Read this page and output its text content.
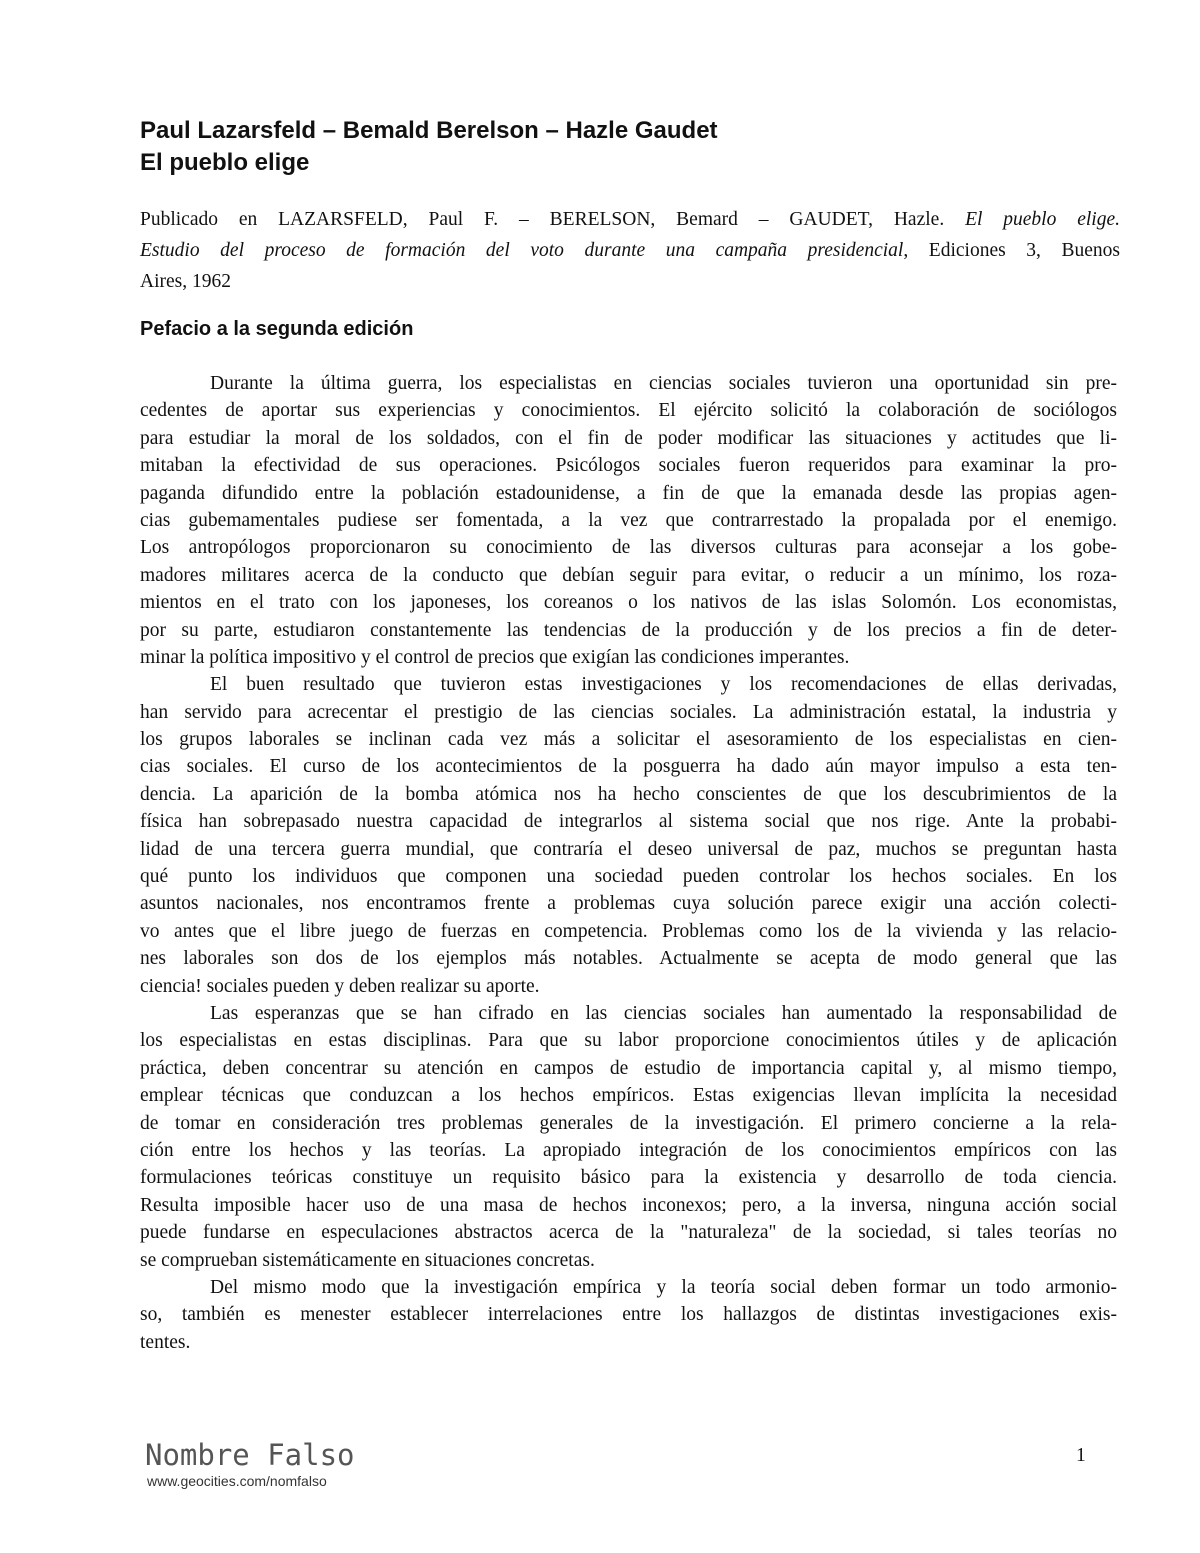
Paul Lazarsfeld – Bemald Berelson – Hazle Gaudet
El pueblo elige

Publicado en LAZARSFELD, Paul F. – BERELSON, Bemard – GAUDET, Hazle. El pueblo elige.
Estudio del proceso de formación del voto durante una campaña presidencial, Ediciones 3, Buenos
Aires, 1962

Pefacio a la segunda edición
Durante la última guerra, los especialistas en ciencias sociales tuvieron una oportunidad sin pre-
cedentes de aportar sus experiencias y conocimientos. El ejército solicitó la colaboración de sociólogos
para estudiar la moral de los soldados, con el fin de poder modificar las situaciones y actitudes que li-
mitaban la efectividad de sus operaciones. Psicólogos sociales fueron requeridos para examinar la pro-
paganda difundido entre la población estadounidense, a fin de que la emanada desde las propias agen-
cias gubemamentales pudiese ser fomentada, a la vez que contrarrestado la propalada por el enemigo.
Los antropólogos proporcionaron su conocimiento de las diversos culturas para aconsejar a los gobe-
madores militares acerca de la conducto que debían seguir para evitar, o reducir a un mínimo, los roza-
mientos en el trato con los japoneses, los coreanos o los nativos de las islas Solomón. Los economistas,
por su parte, estudiaron constantemente las tendencias de la producción y de los precios a fin de deter-
minar la política impositivo y el control de precios que exigían las condiciones imperantes.
El buen resultado que tuvieron estas investigaciones y los recomendaciones de ellas derivadas,
han servido para acrecentar el prestigio de las ciencias sociales. La administración estatal, la industria y
los grupos laborales se inclinan cada vez más a solicitar el asesoramiento de los especialistas en cien-
cias sociales. El curso de los acontecimientos de la posguerra ha dado aún mayor impulso a esta ten-
dencia. La aparición de la bomba atómica nos ha hecho conscientes de que los descubrimientos de la
física han sobrepasado nuestra capacidad de integrarlos al sistema social que nos rige. Ante la probabi-
lidad de una tercera guerra mundial, que contraría el deseo universal de paz, muchos se preguntan hasta
qué punto los individuos que componen una sociedad pueden controlar los hechos sociales. En los
asuntos nacionales, nos encontramos frente a problemas cuya solución parece exigir una acción colecti-
vo antes que el libre juego de fuerzas en competencia. Problemas como los de la vivienda y las relacio-
nes laborales son dos de los ejemplos más notables. Actualmente se acepta de modo general que las
ciencia! sociales pueden y deben realizar su aporte.
Las esperanzas que se han cifrado en las ciencias sociales han aumentado la responsabilidad de
los especialistas en estas disciplinas. Para que su labor proporcione conocimientos útiles y de aplicación
práctica, deben concentrar su atención en campos de estudio de importancia capital y, al mismo tiempo,
emplear técnicas que conduzcan a los hechos empíricos. Estas exigencias llevan implícita la necesidad
de tomar en consideración tres problemas generales de la investigación. El primero concierne a la rela-
ción entre los hechos y las teorías. La apropiado integración de los conocimientos empíricos con las
formulaciones teóricas constituye un requisito básico para la existencia y desarrollo de toda ciencia.
Resulta imposible hacer uso de una masa de hechos inconexos; pero, a la inversa, ninguna acción social
puede fundarse en especulaciones abstractos acerca de la "naturaleza" de la sociedad, si tales teorías no
se comprueban sistemáticamente en situaciones concretas.
Del mismo modo que la investigación empírica y la teoría social deben formar un todo armonio-
so, también es menester establecer interrelaciones entre los hallazgos de distintas investigaciones exis-
tentes.
Nombre Falso
www.geocities.com/nomfalso
1
